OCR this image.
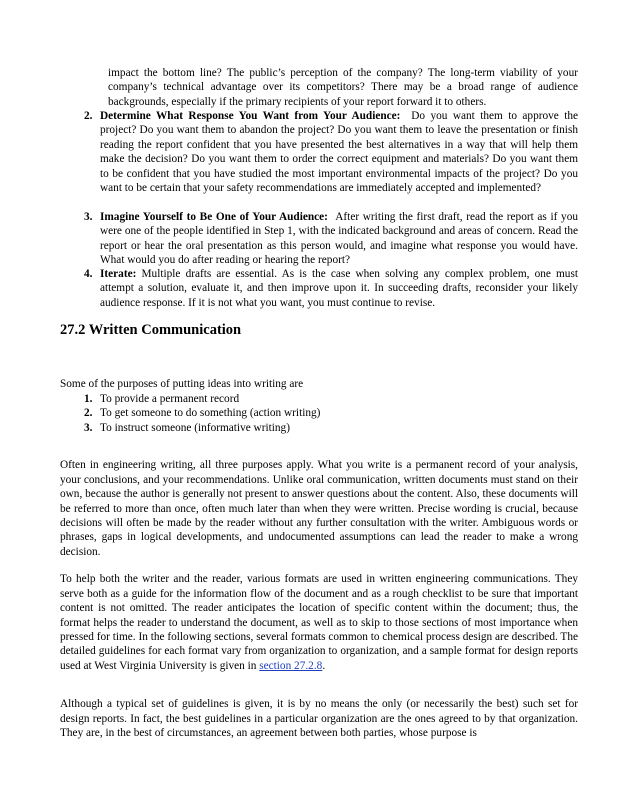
impact the bottom line? The public’s perception of the company? The long-term viability of your company’s technical advantage over its competitors? There may be a broad range of audience backgrounds, especially if the primary recipients of your report forward it to others.

2. Determine What Response You Want from Your Audience: Do you want them to approve the project? Do you want them to abandon the project? Do you want them to leave the presentation or finish reading the report confident that you have presented the best alternatives in a way that will help them make the decision? Do you want them to order the correct equipment and materials? Do you want them to be confident that you have studied the most important environmental impacts of the project? Do you want to be certain that your safety recommendations are immediately accepted and implemented?
3. Imagine Yourself to Be One of Your Audience: After writing the first draft, read the report as if you were one of the people identified in Step 1, with the indicated background and areas of concern. Read the report or hear the oral presentation as this person would, and imagine what response you would have. What would you do after reading or hearing the report?
4. Iterate: Multiple drafts are essential. As is the case when solving any complex problem, one must attempt a solution, evaluate it, and then improve upon it. In succeeding drafts, reconsider your likely audience response. If it is not what you want, you must continue to revise.
27.2 Written Communication

Some of the purposes of putting ideas into writing are

1. To provide a permanent record
2. To get someone to do something (action writing)
3. To instruct someone (informative writing)

Often in engineering writing, all three purposes apply. What you write is a permanent record of your analysis, your conclusions, and your recommendations. Unlike oral communication, written documents must stand on their own, because the author is generally not present to answer questions about the content. Also, these documents will be referred to more than once, often much later than when they were written. Precise wording is crucial, because decisions will often be made by the reader without any further consultation with the writer. Ambiguous words or phrases, gaps in logical developments, and undocumented assumptions can lead the reader to make a wrong decision.

To help both the writer and the reader, various formats are used in written engineering communications. They serve both as a guide for the information flow of the document and as a rough checklist to be sure that important content is not omitted. The reader anticipates the location of specific content within the document; thus, the format helps the reader to understand the document, as well as to skip to those sections of most importance when pressed for time. In the following sections, several formats common to chemical process design are described. The detailed guidelines for each format vary from organization to organization, and a sample format for design reports used at West Virginia University is given in section 27.2.8.

Although a typical set of guidelines is given, it is by no means the only (or necessarily the best) such set for design reports. In fact, the best guidelines in a particular organization are the ones agreed to by that organization. They are, in the best of circumstances, an agreement between both parties, whose purpose is
